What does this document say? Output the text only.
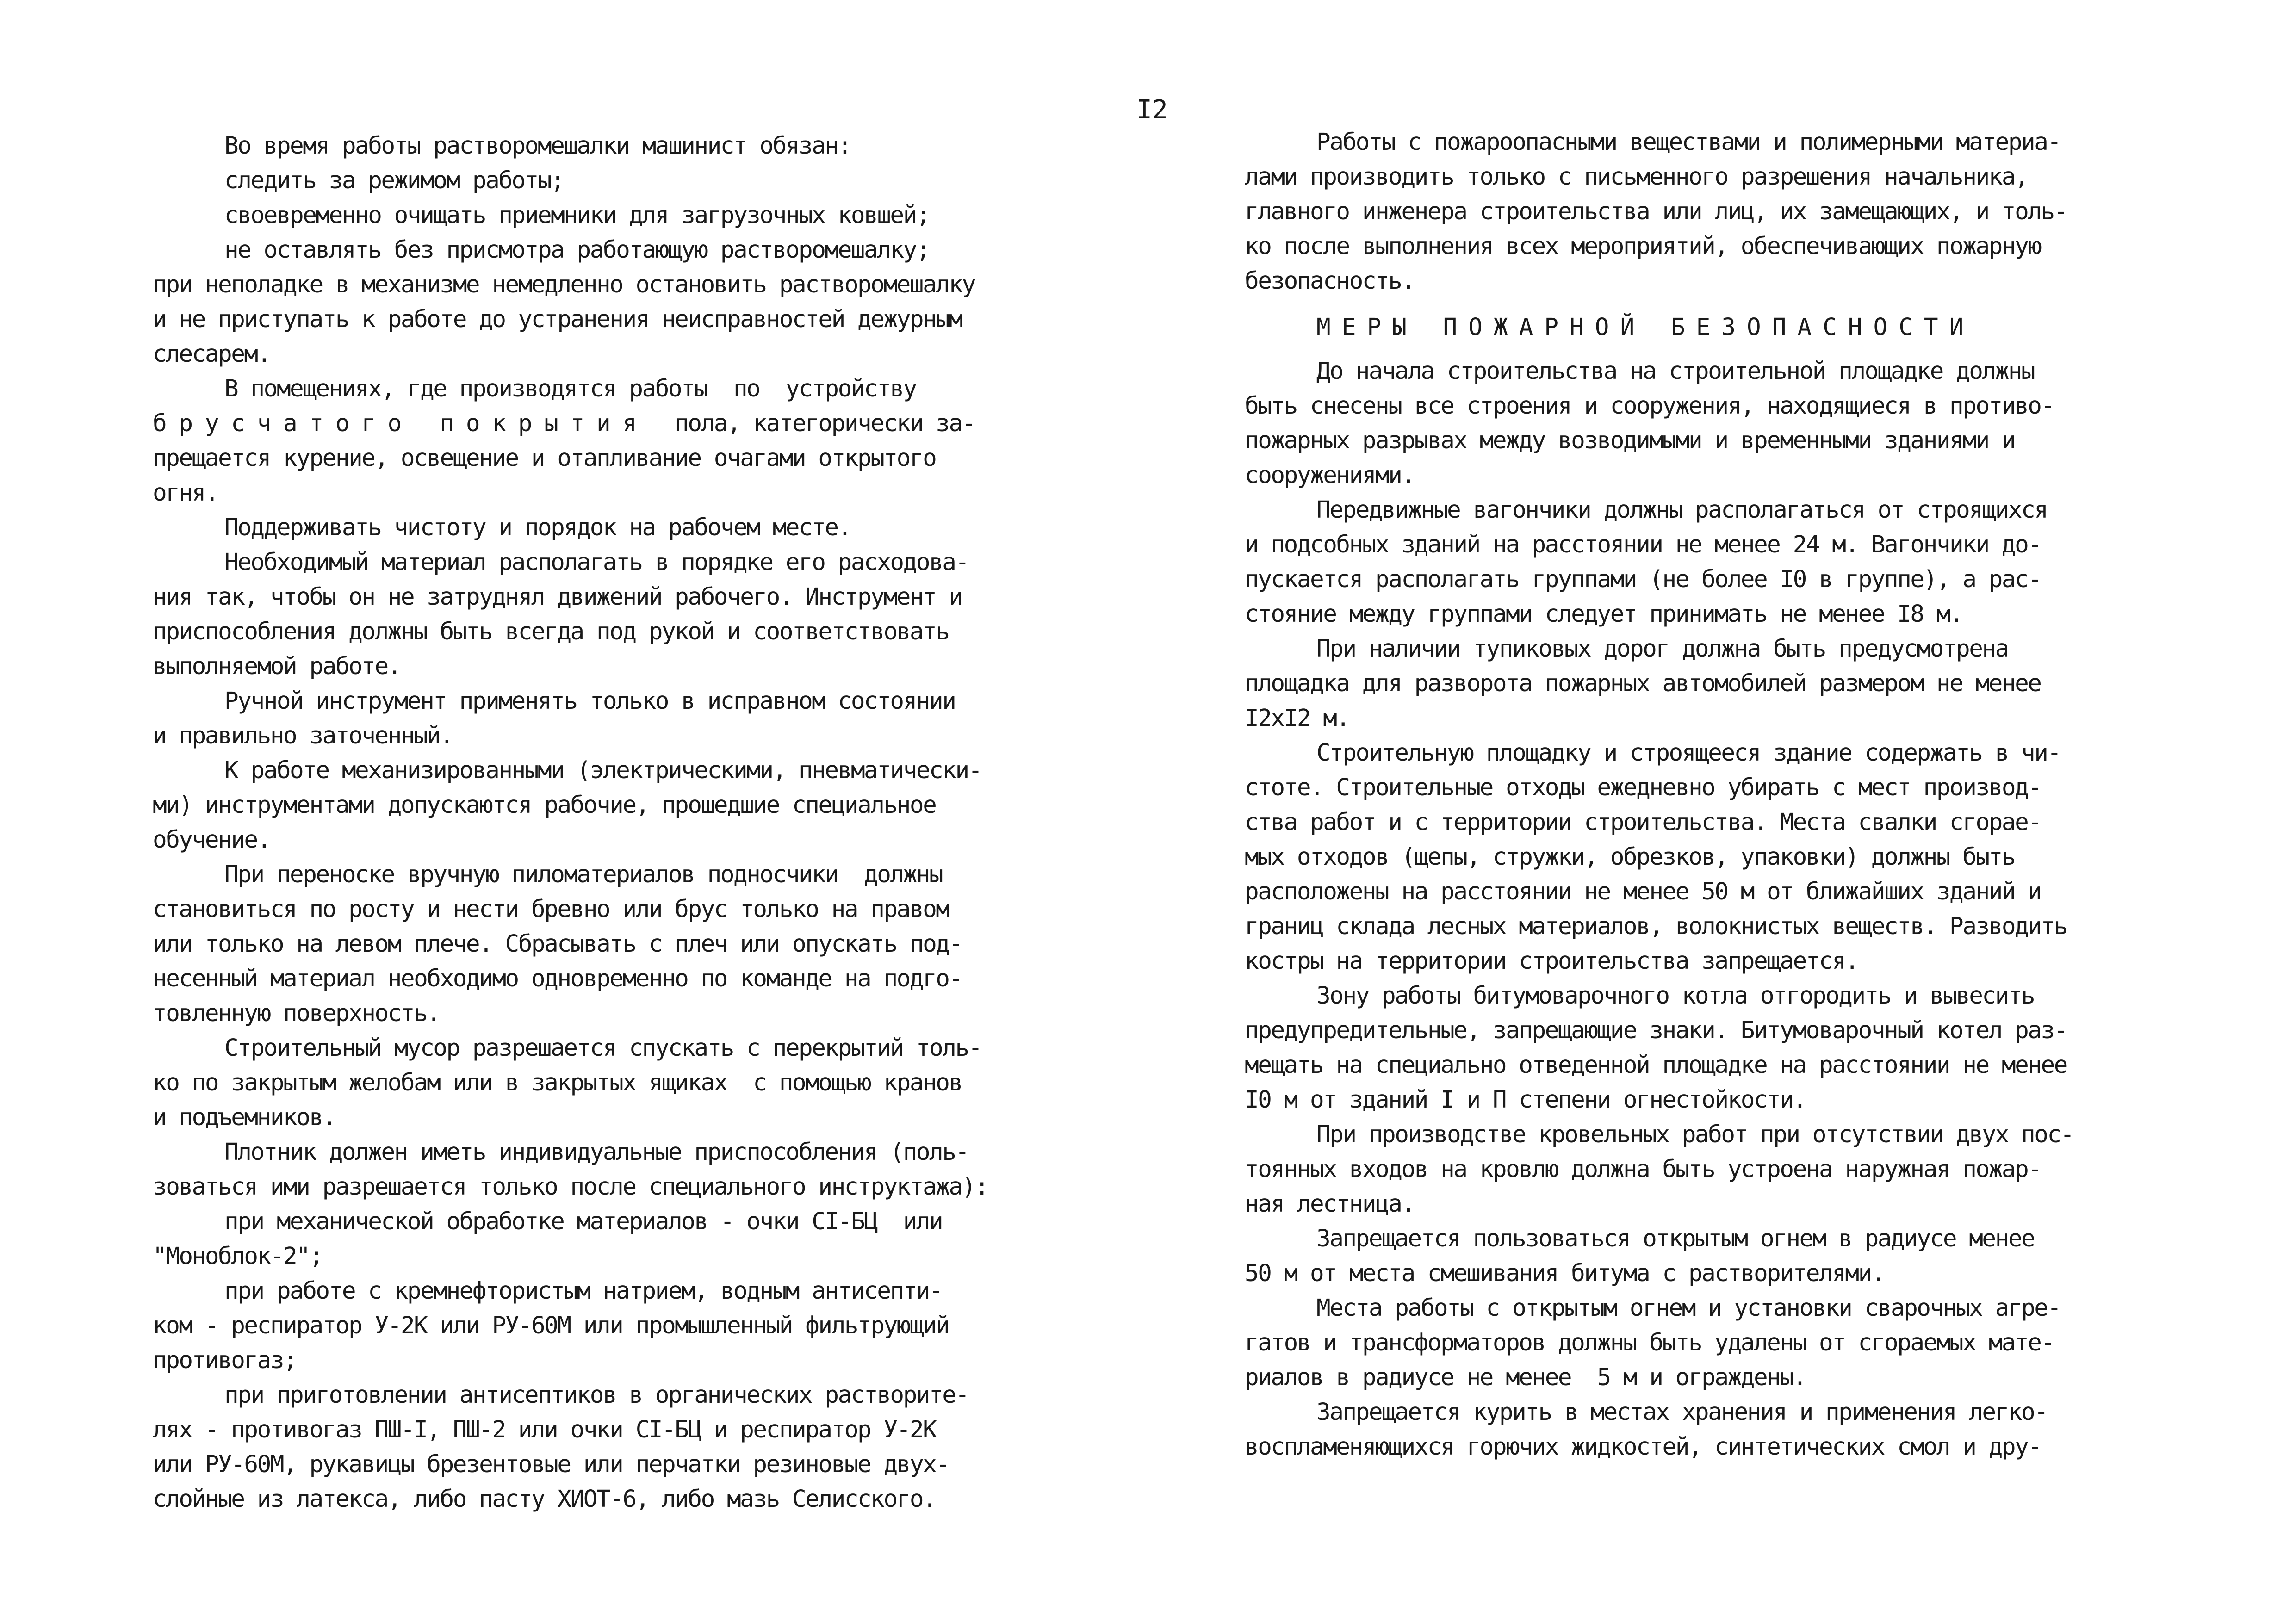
I2
Во время работы растворомешалки машинист обязан:
следить за режимом работы;
своевременно очищать приемники для загрузочных ковшей;
не оставлять без присмотра работающую растворомешалку;
при неполадке в механизме немедленно остановить растворомешалку
и не приступать к работе до устранения неисправностей дежурным
слесарем.
В помещениях, где производятся работы  по  устройству
б р у с ч а т о г о   п о к р ы т и я   пола, категорически за-
прещается курение, освещение и отапливание очагами открытого
огня.
Поддерживать чистоту и порядок на рабочем месте.
Необходимый материал располагать в порядке его расходова-
ния так, чтобы он не затруднял движений рабочего. Инструмент и
приспособления должны быть всегда под рукой и соответствовать
выполняемой работе.
Ручной инструмент применять только в исправном состоянии
и правильно заточенный.
К работе механизированными (электрическими, пневматически-
ми) инструментами допускаются рабочие, прошедшие специальное
обучение.
При переноске вручную пиломатериалов подносчики  должны
становиться по росту и нести бревно или брус только на правом
или только на левом плече. Сбрасывать с плеч или опускать под-
несенный материал необходимо одновременно по команде на подго-
товленную поверхность.
Строительный мусор разрешается спускать с перекрытий толь-
ко по закрытым желобам или в закрытых ящиках  с помощью кранов
и подъемников.
Плотник должен иметь индивидуальные приспособления (поль-
зоваться ими разрешается только после специального инструктажа):
при механической обработке материалов - очки СI-БЦ  или
"Моноблок-2";
при работе с кремнефтористым натрием, водным антисепти-
ком - респиратор У-2К или РУ-60М или промышленный фильтрующий
противогаз;
при приготовлении антисептиков в органических растворите-
лях - противогаз ПШ-I, ПШ-2 или очки СI-БЦ и респиратор У-2К
или РУ-60М, рукавицы брезентовые или перчатки резиновые двух-
слойные из латекса, либо пасту ХИОТ-6, либо мазь Селисского.
Работы с пожароопасными веществами и полимерными материа-
лами производить только с письменного разрешения начальника,
главного инженера строительства или лиц, их замещающих, и толь-
ко после выполнения всех мероприятий, обеспечивающих пожарную
безопасность.
МЕРЫ ПОЖАРНОЙ БЕЗОПАСНОСТИ
До начала строительства на строительной площадке должны
быть снесены все строения и сооружения, находящиеся в противо-
пожарных разрывах между возводимыми и временными зданиями и
сооружениями.
Передвижные вагончики должны располагаться от строящихся
и подсобных зданий на расстоянии не менее 24 м. Вагончики до-
пускается располагать группами (не более I0 в группе), а рас-
стояние между группами следует принимать не менее I8 м.
При наличии тупиковых дорог должна быть предусмотрена
площадка для разворота пожарных автомобилей размером не менее
I2хI2 м.
Строительную площадку и строящееся здание содержать в чи-
стоте. Строительные отходы ежедневно убирать с мест производ-
ства работ и с территории строительства. Места свалки сгорае-
мых отходов (щепы, стружки, обрезков, упаковки) должны быть
расположены на расстоянии не менее 50 м от ближайших зданий и
границ склада лесных материалов, волокнистых веществ. Разводить
костры на территории строительства запрещается.
Зону работы битумоварочного котла отгородить и вывесить
предупредительные, запрещающие знаки. Битумоварочный котел раз-
мещать на специально отведенной площадке на расстоянии не менее
I0 м от зданий I и П степени огнестойкости.
При производстве кровельных работ при отсутствии двух пос-
тоянных входов на кровлю должна быть устроена наружная пожар-
ная лестница.
Запрещается пользоваться открытым огнем в радиусе менее
50 м от места смешивания битума с растворителями.
Места работы с открытым огнем и установки сварочных агре-
гатов и трансформаторов должны быть удалены от сгораемых мате-
риалов в радиусе не менее  5 м и ограждены.
Запрещается курить в местах хранения и применения легко-
воспламеняющихся горючих жидкостей, синтетических смол и дру-
